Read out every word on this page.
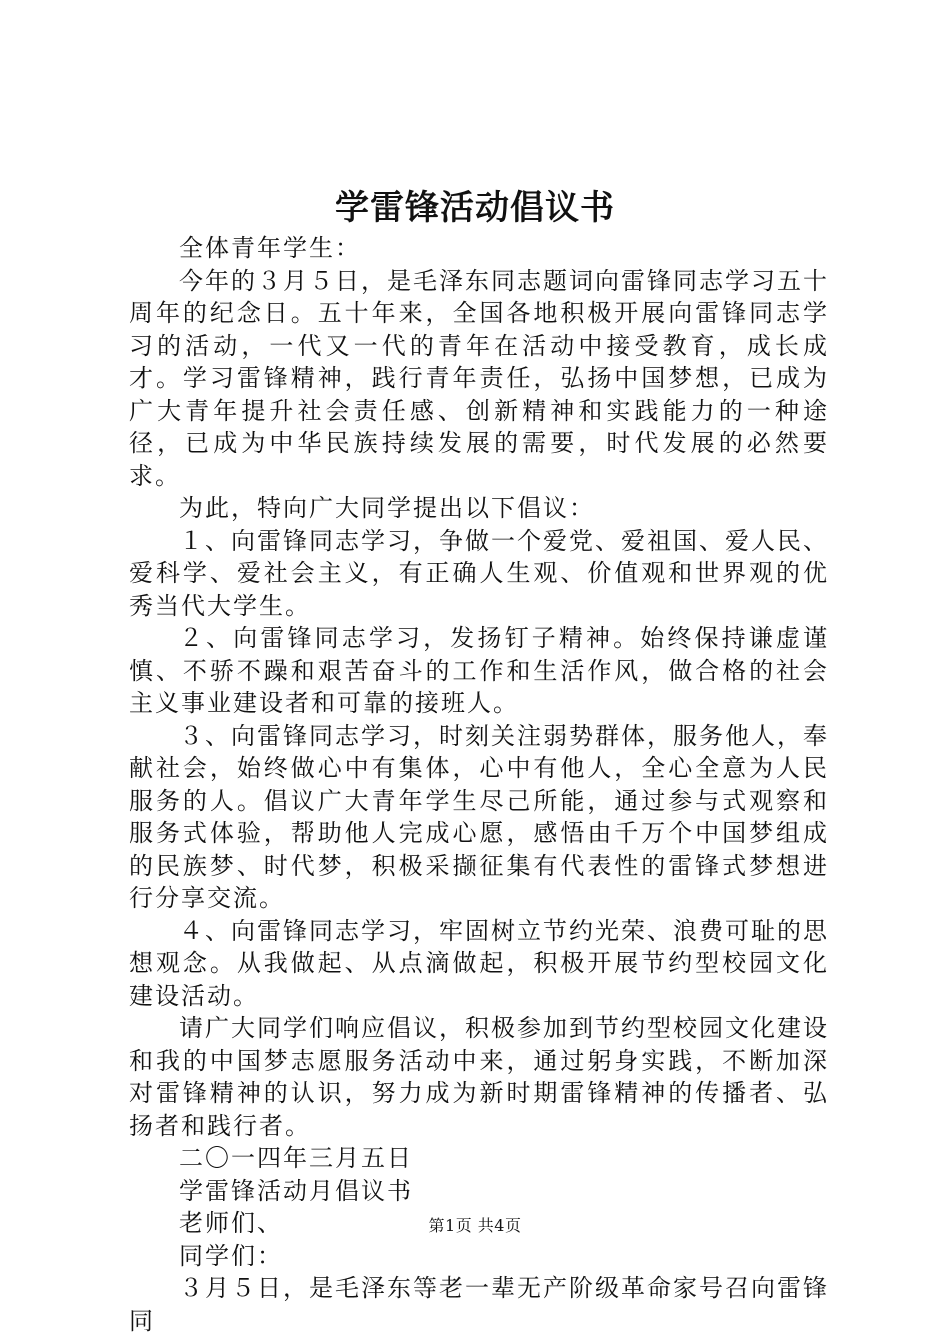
学雷锋活动倡议书

全体青年学生：

今年的３月５日，是毛泽东同志题词向雷锋同志学习五十周年的纪念日。五十年来，全国各地积极开展向雷锋同志学习的活动，一代又一代的青年在活动中接受教育，成长成才。学习雷锋精神，践行青年责任，弘扬中国梦想，已成为广大青年提升社会责任感、创新精神和实践能力的一种途径，已成为中华民族持续发展的需要，时代发展的必然要求。

为此，特向广大同学提出以下倡议：

１、向雷锋同志学习，争做一个爱党、爱祖国、爱人民、爱科学、爱社会主义，有正确人生观、价值观和世界观的优秀当代大学生。

２、向雷锋同志学习，发扬钉子精神。始终保持谦虚谨慎、不骄不躁和艰苦奋斗的工作和生活作风，做合格的社会主义事业建设者和可靠的接班人。

３、向雷锋同志学习，时刻关注弱势群体，服务他人，奉献社会，始终做心中有集体，心中有他人，全心全意为人民服务的人。倡议广大青年学生尽己所能，通过参与式观察和服务式体验，帮助他人完成心愿，感悟由千万个中国梦组成的民族梦、时代梦，积极采撷征集有代表性的雷锋式梦想进行分享交流。

４、向雷锋同志学习，牢固树立节约光荣、浪费可耻的思想观念。从我做起、从点滴做起，积极开展节约型校园文化建设活动。

请广大同学们响应倡议，积极参加到节约型校园文化建设和我的中国梦志愿服务活动中来，通过躬身实践，不断加深对雷锋精神的认识，努力成为新时期雷锋精神的传播者、弘扬者和践行者。

二〇一四年三月五日

学雷锋活动月倡议书

老师们、

同学们：

３月５日，是毛泽东等老一辈无产阶级革命家号召向雷锋同

第1页 共4页
